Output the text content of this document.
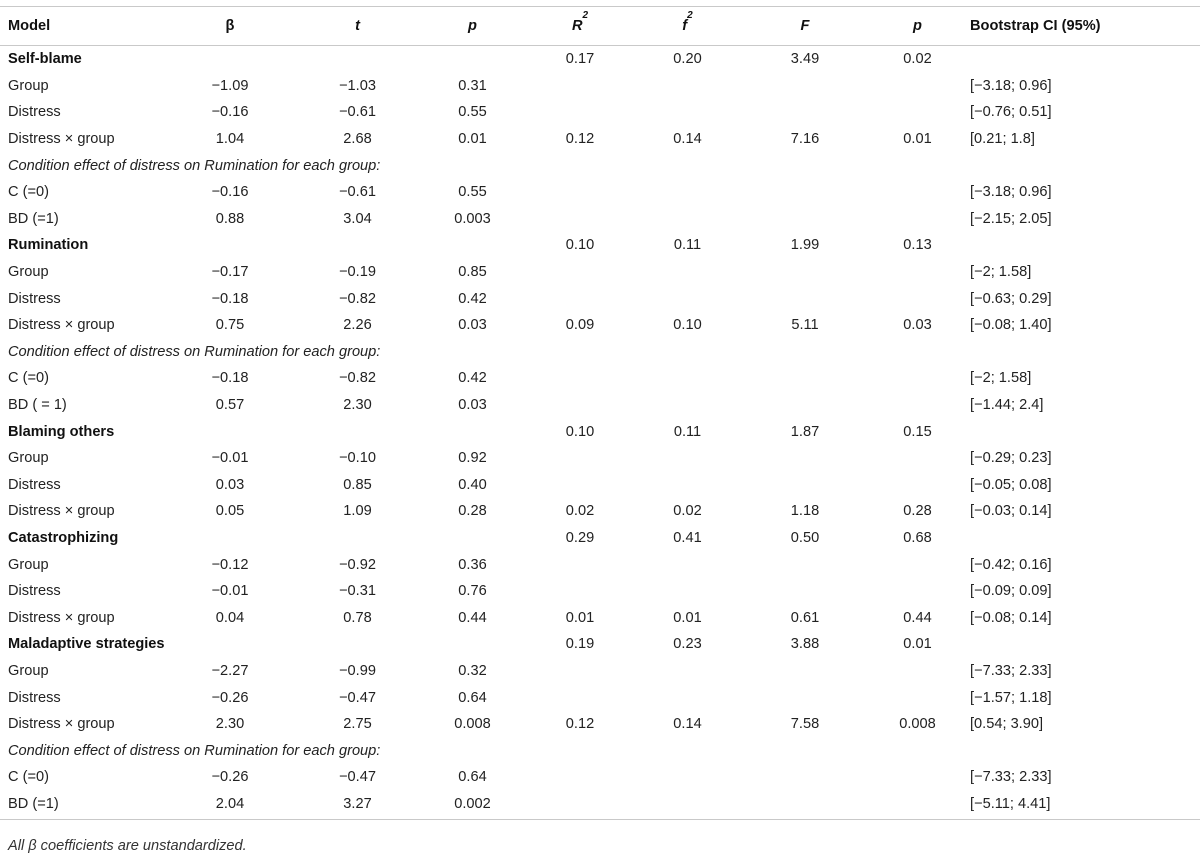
Model	β	t	p	$R^2$	$f^2$	F	p	Bootstrap CI (95%)
Self-blame				0.17	0.20	3.49	0.02	
Group	−1.09	−1.03	0.31					[−3.18; 0.96]
Distress	−0.16	−0.61	0.55					[−0.76; 0.51]
Distress × group	1.04	2.68	0.01	0.12	0.14	7.16	0.01	[0.21; 1.8]
Condition effect of distress on Rumination for each group:								
C (=0)	−0.16	−0.61	0.55					[−3.18; 0.96]
BD (=1)	0.88	3.04	0.003					[−2.15; 2.05]
Rumination				0.10	0.11	1.99	0.13	
Group	−0.17	−0.19	0.85					[−2; 1.58]
Distress	−0.18	−0.82	0.42					[−0.63; 0.29]
Distress × group	0.75	2.26	0.03	0.09	0.10	5.11	0.03	[−0.08; 1.40]
Condition effect of distress on Rumination for each group:								
C (=0)	−0.18	−0.82	0.42					[−2; 1.58]
BD ( = 1)	0.57	2.30	0.03					[−1.44; 2.4]
Blaming others				0.10	0.11	1.87	0.15	
Group	−0.01	−0.10	0.92					[−0.29; 0.23]
Distress	0.03	0.85	0.40					[−0.05; 0.08]
Distress × group	0.05	1.09	0.28	0.02	0.02	1.18	0.28	[−0.03; 0.14]
Catastrophizing				0.29	0.41	0.50	0.68	
Group	−0.12	−0.92	0.36					[−0.42; 0.16]
Distress	−0.01	−0.31	0.76					[−0.09; 0.09]
Distress × group	0.04	0.78	0.44	0.01	0.01	0.61	0.44	[−0.08; 0.14]
Maladaptive strategies				0.19	0.23	3.88	0.01	
Group	−2.27	−0.99	0.32					[−7.33; 2.33]
Distress	−0.26	−0.47	0.64					[−1.57; 1.18]
Distress × group	2.30	2.75	0.008	0.12	0.14	7.58	0.008	[0.54; 3.90]
Condition effect of distress on Rumination for each group:								
C (=0)	−0.26	−0.47	0.64					[−7.33; 2.33]
BD (=1)	2.04	3.27	0.002					[−5.11; 4.41]
All β coefficients are unstandardized.
